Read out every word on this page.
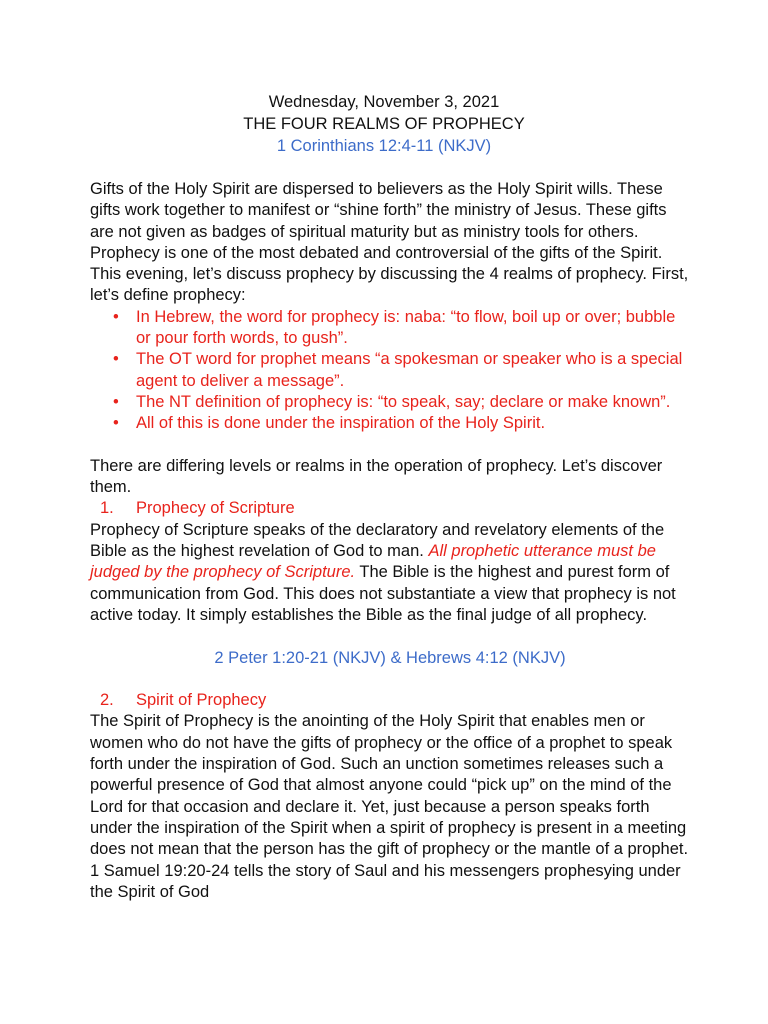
Wednesday, November 3, 2021
THE FOUR REALMS OF PROPHECY
1 Corinthians 12:4-11 (NKJV)

Gifts of the Holy Spirit are dispersed to believers as the Holy Spirit wills. These gifts work together to manifest or “shine forth” the ministry of Jesus. These gifts are not given as badges of spiritual maturity but as ministry tools for others. Prophecy is one of the most debated and controversial of the gifts of the Spirit. This evening, let’s discuss prophecy by discussing the 4 realms of prophecy. First, let’s define prophecy:

• In Hebrew, the word for prophecy is: naba: “to flow, boil up or over; bubble or pour forth words, to gush”.
• The OT word for prophet means “a spokesman or speaker who is a special agent to deliver a message”.
• The NT definition of prophecy is: “to speak, say; declare or make known”.
• All of this is done under the inspiration of the Holy Spirit.

There are differing levels or realms in the operation of prophecy. Let’s discover them.

1. Prophecy of Scripture

Prophecy of Scripture speaks of the declaratory and revelatory elements of the Bible as the highest revelation of God to man. All prophetic utterance must be judged by the prophecy of Scripture. The Bible is the highest and purest form of communication from God. This does not substantiate a view that prophecy is not active today. It simply establishes the Bible as the final judge of all prophecy.

2 Peter 1:20-21 (NKJV) & Hebrews 4:12 (NKJV)
2. Spirit of Prophecy

The Spirit of Prophecy is the anointing of the Holy Spirit that enables men or women who do not have the gifts of prophecy or the office of a prophet to speak forth under the inspiration of God. Such an unction sometimes releases such a powerful presence of God that almost anyone could “pick up” on the mind of the Lord for that occasion and declare it. Yet, just because a person speaks forth under the inspiration of the Spirit when a spirit of prophecy is present in a meeting does not mean that the person has the gift of prophecy or the mantle of a prophet. 1 Samuel 19:20-24 tells the story of Saul and his messengers prophesying under the Spirit of God
